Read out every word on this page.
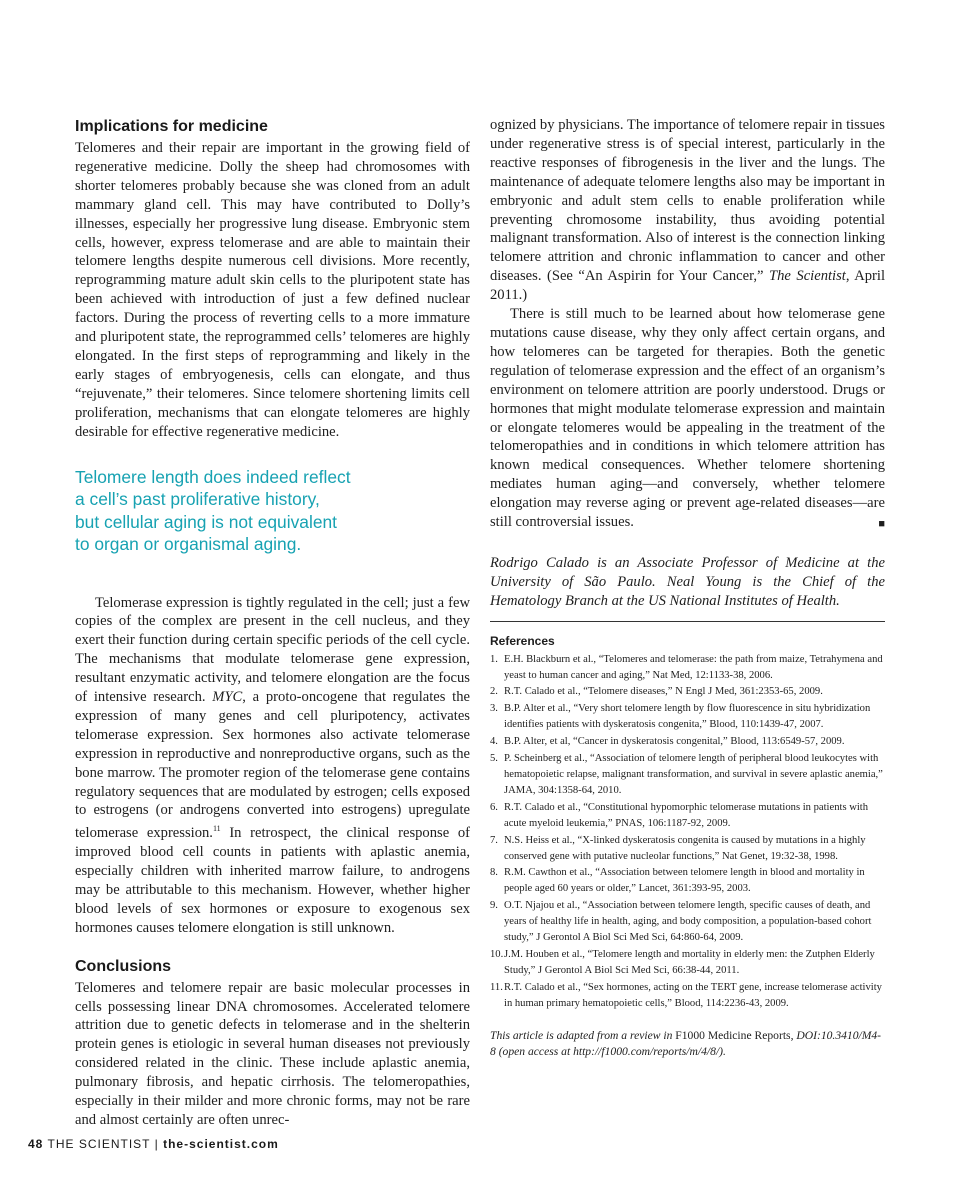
Implications for medicine

Telomeres and their repair are important in the growing field of regenerative medicine. Dolly the sheep had chromosomes with shorter telomeres probably because she was cloned from an adult mammary gland cell. This may have contributed to Dolly’s illnesses, especially her progressive lung disease. Embryonic stem cells, however, express telomerase and are able to maintain their telomere lengths despite numerous cell divisions. More recently, reprogramming mature adult skin cells to the pluripotent state has been achieved with introduction of just a few defined nuclear factors. During the process of reverting cells to a more immature and pluripotent state, the reprogrammed cells’ telomeres are highly elongated. In the first steps of reprogramming and likely in the early stages of embryogenesis, cells can elongate, and thus “rejuvenate,” their telomeres. Since telomere shortening limits cell proliferation, mechanisms that can elongate telomeres are highly desirable for effective regenerative medicine.

Telomere length does indeed reflect
a cell’s past proliferative history,
but cellular aging is not equivalent
to organ or organismal aging.

Telomerase expression is tightly regulated in the cell; just a few copies of the complex are present in the cell nucleus, and they exert their function during certain specific periods of the cell cycle. The mechanisms that modulate telomerase gene expression, resultant enzymatic activity, and telomere elongation are the focus of intensive research. MYC, a proto-oncogene that regulates the expression of many genes and cell pluripotency, activates telomerase expression. Sex hormones also activate telomerase expression in reproductive and nonreproductive organs, such as the bone marrow. The promoter region of the telomerase gene contains regulatory sequences that are modulated by estrogen; cells exposed to estrogens (or androgens converted into estrogens) upregulate telomerase expression.$^{11}$ In retrospect, the clinical response of improved blood cell counts in patients with aplastic anemia, especially children with inherited marrow failure, to androgens may be attributable to this mechanism. However, whether higher blood levels of sex hormones or exposure to exogenous sex hormones causes telomere elongation is still unknown.

Conclusions

Telomeres and telomere repair are basic molecular processes in cells possessing linear DNA chromosomes. Accelerated telomere attrition due to genetic defects in telomerase and in the shelterin protein genes is etiologic in several human diseases not previously considered related in the clinic. These include aplastic anemia, pulmonary fibrosis, and hepatic cirrhosis. The telomeropathies, especially in their milder and more chronic forms, may not be rare and almost certainly are often unrec-

ognized by physicians. The importance of telomere repair in tissues under regenerative stress is of special interest, particularly in the reactive responses of fibrogenesis in the liver and the lungs. The maintenance of adequate telomere lengths also may be important in embryonic and adult stem cells to enable proliferation while preventing chromosome instability, thus avoiding potential malignant transformation. Also of interest is the connection linking telomere attrition and chronic inflammation to cancer and other diseases. (See “An Aspirin for Your Cancer,” The Scientist, April 2011.)

There is still much to be learned about how telomerase gene mutations cause disease, why they only affect certain organs, and how telomeres can be targeted for therapies. Both the genetic regulation of telomerase expression and the effect of an organism’s environment on telomere attrition are poorly understood. Drugs or hormones that might modulate telomerase expression and maintain or elongate telomeres would be appealing in the treatment of the telomeropathies and in conditions in which telomere attrition has known medical consequences. Whether telomere shortening mediates human aging—and conversely, whether telomere elongation may reverse aging or prevent age-related diseases—are still controversial issues.	■

Rodrigo Calado is an Associate Professor of Medicine at the University of São Paulo. Neal Young is the Chief of the Hematology Branch at the US National Institutes of Health.

References
1. E.H. Blackburn et al., “Telomeres and telomerase: the path from maize, Tetrahymena and yeast to human cancer and aging,” Nat Med, 12:1133-38, 2006.
2. R.T. Calado et al., “Telomere diseases,” N Engl J Med, 361:2353-65, 2009.
3. B.P. Alter et al., “Very short telomere length by flow fluorescence in situ hybridization identifies patients with dyskeratosis congenita,” Blood, 110:1439-47, 2007.
4. B.P. Alter, et al, “Cancer in dyskeratosis congenital,” Blood, 113:6549-57, 2009.
5. P. Scheinberg et al., “Association of telomere length of peripheral blood leukocytes with hematopoietic relapse, malignant transformation, and survival in severe aplastic anemia,” JAMA, 304:1358-64, 2010.
6. R.T. Calado et al., “Constitutional hypomorphic telomerase mutations in patients with acute myeloid leukemia,” PNAS, 106:1187-92, 2009.
7. N.S. Heiss et al., “X-linked dyskeratosis congenita is caused by mutations in a highly conserved gene with putative nucleolar functions,” Nat Genet, 19:32-38, 1998.
8. R.M. Cawthon et al., “Association between telomere length in blood and mortality in people aged 60 years or older,” Lancet, 361:393-95, 2003.
9. O.T. Njajou et al., “Association between telomere length, specific causes of death, and years of healthy life in health, aging, and body composition, a population-based cohort study,” J Gerontol A Biol Sci Med Sci, 64:860-64, 2009.
10.J.M. Houben et al., “Telomere length and mortality in elderly men: the Zutphen Elderly Study,” J Gerontol A Biol Sci Med Sci, 66:38-44, 2011.
11.R.T. Calado et al., “Sex hormones, acting on the TERT gene, increase telomerase activity in human primary hematopoietic cells,” Blood, 114:2236-43, 2009.

This article is adapted from a review in F1000 Medicine Reports, DOI:10.3410/M4-8 (open access at http://f1000.com/reports/m/4/8/).

48 THE SCIENTIST | the-scientist.com
